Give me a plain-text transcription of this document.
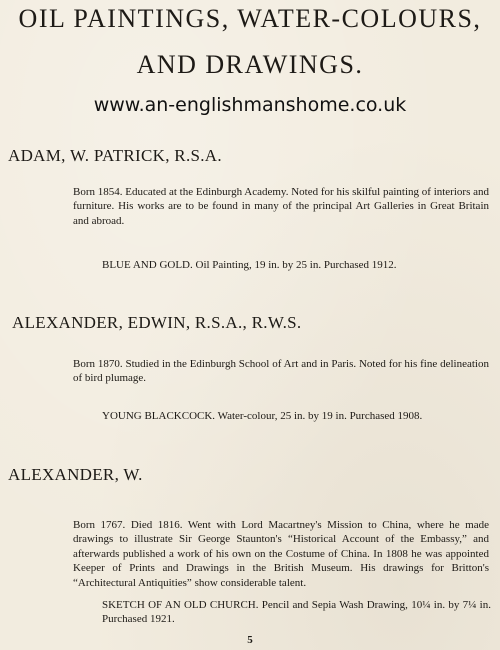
OIL PAINTINGS, WATER-COLOURS,
AND DRAWINGS.
www.an-englishmanshome.co.uk
ADAM, W. PATRICK, R.S.A.

Born 1854. Educated at the Edinburgh Academy. Noted for his skilful painting of interiors and furniture. His works are to be found in many of the principal Art Galleries in Great Britain and abroad.

BLUE AND GOLD. Oil Painting, 19 in. by 25 in. Purchased 1912.
ALEXANDER, EDWIN, R.S.A., R.W.S.

Born 1870. Studied in the Edinburgh School of Art and in Paris. Noted for his fine delineation of bird plumage.

YOUNG BLACKCOCK. Water-colour, 25 in. by 19 in. Purchased 1908.
ALEXANDER, W.

Born 1767. Died 1816. Went with Lord Macartney's Mission to China, where he made drawings to illustrate Sir George Staunton's “Historical Account of the Embassy,” and afterwards published a work of his own on the Costume of China. In 1808 he was appointed Keeper of Prints and Drawings in the British Museum. His drawings for Britton's “Architectural Antiquities” show considerable talent.

SKETCH OF AN OLD CHURCH. Pencil and Sepia Wash Drawing, 10¼ in. by 7¼ in. Purchased 1921.
5
